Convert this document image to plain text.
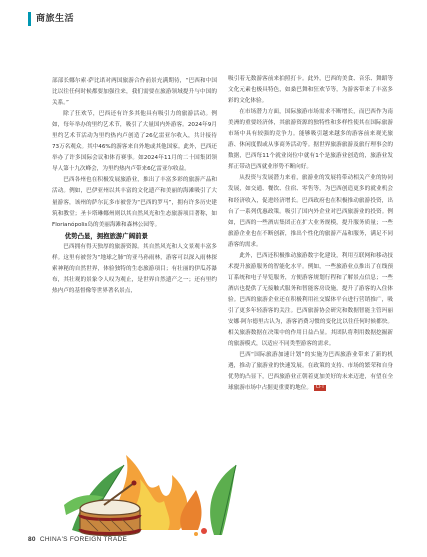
商旅生活

部部长娜尔索·萨比诺对两国旅游合作前景充满期待，“巴西和中国比以往任何时候都要加强往来，我们需要在旅游领域提升与中国的关系。”

除了狂欢节，巴西还有许多其他具有吸引力的旅游活动。例如，每年举办的里约艺术节，吸引了大量国内外游客。2024年9月里约艺术节活动为里约热内卢创造了26亿雷亚尔收入，共计接待73万名观众。其中46%的游客来自外地或其他国家。此外，巴西还举办了许多国际会议和体育赛事。如2024年11月的二十国集团领导人第十九次峰会，为里约热内卢带来6亿雷亚尔收益。

巴西各州也在积极发展旅游业，推出了丰富多彩的旅游产品和活动。例如，巴伊亚州以其丰富的文化遗产和美丽的海滩吸引了大量游客，该州的萨尔瓦多市被誉为“巴西的罗马”，拥有许多历史建筑和教堂；圣卡塔琳娜州则以其自然风光和生态旅游项目著称，如Florianópolis岛的美丽海滩和森林公园等。

优势凸显，拥抱旅游广阔前景

巴西拥有得天独厚的旅游资源。其自然风光和人文景观丰富多样。这里有被誉为“地球之肺”的亚马孙雨林，游客可以深入雨林探索神秘的自然世界，体验独特的生态旅游项目；有壮丽的伊瓜苏瀑布，其壮观的景象令人叹为观止，是世界自然遗产之一；还有里约热内卢的基督像等世界著名景点，

吸引着无数游客前来拍照打卡。此外，巴西的美食、音乐、舞蹈等文化元素也极具特色，如桑巴舞和狂欢节等，为游客带来了丰富多彩的文化体验。

在市场潜力方面，国际旅游市场需求不断增长，而巴西作为南美洲的重要经济体，其旅游资源的独特性和多样性使其在国际旅游市场中具有较强的竞争力。能够吸引越来越多的游客前来观光旅游、休闲度假或从事商务活动等。据世界旅游旅游及旅行理事会的数据，巴西每11个就业岗位中就有1个是旅游业创造的，旅游业发挥正带动巴西就业形势不断向好。

从投资与发展潜力来看，旅游业的发展将带动相关产业的协同发展，如交通、餐饮、住宿、零售等，为巴西创造更多的就业机会和经济收入，促进经济增长。巴西政府也在积极推动旅游投资，出台了一系列优惠政策。吸引了国内外企业对巴西旅游业的投资。例如，巴西的一些酒店集团正在扩大业务规模，提升服务质量；一些旅游企业也在不断创新，推出个性化的旅游产品和服务，满足不同游客的需求。

此外，巴西还积极推动旅游数字化建设，利用互联网和移动技术提升旅游服务的智能化水平。例如，一些旅游业点推出了在线预订系统和电子导览服务，方便游客规划行程和了解景点信息；一些酒店也提供了无接触式服务和智能客房设施，提升了游客的入住体验。巴西的旅游企业还在积极利用社交媒体平台进行营销推广，吸引了更多年轻游客的关注。巴西旅游协会研究和数据智能主管玛丽安娜·阿尔德里古认为，游客消费习惯的变化比以往任何时候都快。相关旅游数据在决策中的作用日益凸显。其团队将利用数据挖掘新的旅游模式，以适应不同类型游客的需求。

巴西“国际旅游加速计划”的实施为巴西旅游业带来了新的机遇，推动了旅游业的快速发展。在政策的支持、市场的繁荣和自身优势的凸显下，巴西旅游业正朝着更加美好的未来迈进，有望在全球旅游市场中占据更重要的地位。 CFT

80 CHINA'S FOREIGN TRADE
